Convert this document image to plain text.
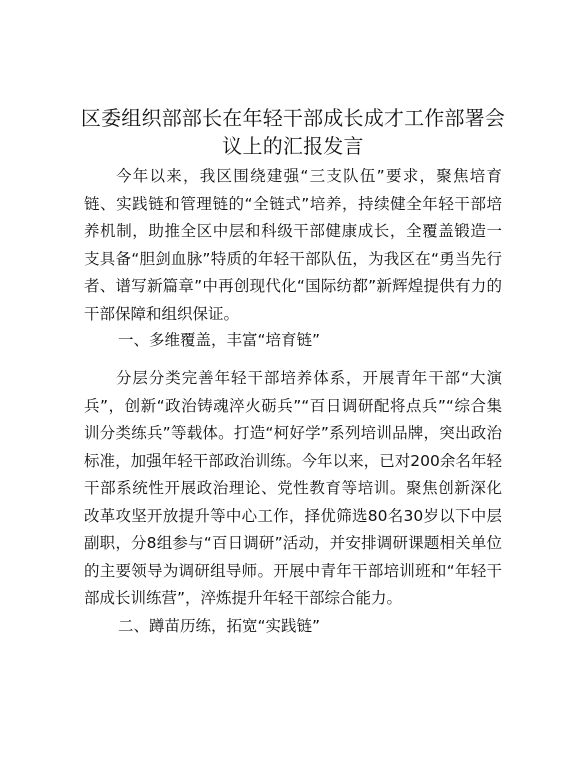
区委组织部部长在年轻干部成长成才工作部署会议上的汇报发言
今年以来，我区围绕建强“三支队伍”要求，聚焦培育链、实践链和管理链的“全链式”培养，持续健全年轻干部培养机制，助推全区中层和科级干部健康成长，全覆盖锻造一支具备“胆剑血脉”特质的年轻干部队伍，为我区在“勇当先行者、谱写新篇章”中再创现代化“国际纺都”新辉煌提供有力的干部保障和组织保证。
一、多维覆盖，丰富“培育链”
分层分类完善年轻干部培养体系，开展青年干部“大演兵”，创新“政治铸魂淬火砺兵”“百日调研配将点兵”“综合集训分类练兵”等载体。打造“柯好学”系列培训品牌，突出政治标准，加强年轻干部政治训练。今年以来，已对200余名年轻干部系统性开展政治理论、党性教育等培训。聚焦创新深化改革攻坚开放提升等中心工作，择优筛选80名30岁以下中层副职，分8组参与“百日调研”活动，并安排调研课题相关单位的主要领导为调研组导师。开展中青年干部培训班和“年轻干部成长训练营”，淬炼提升年轻干部综合能力。
二、蹲苗历练，拓宽“实践链”
